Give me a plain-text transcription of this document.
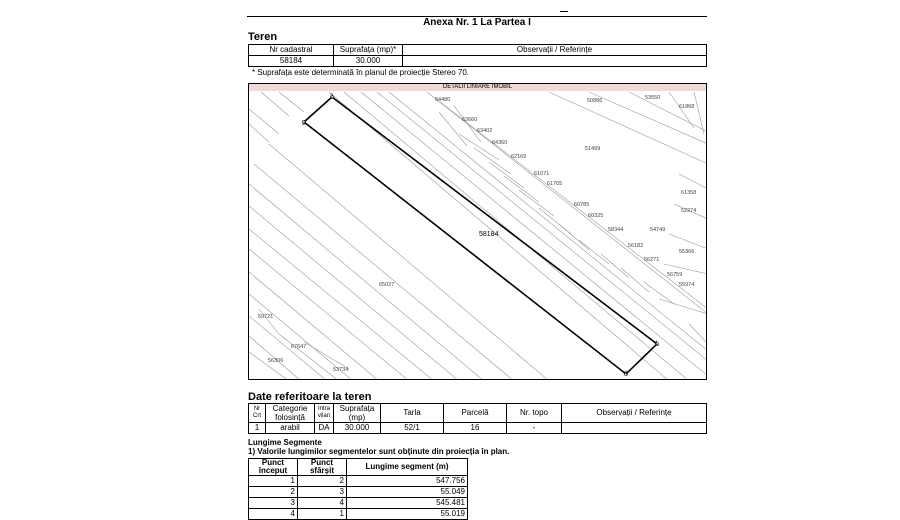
Anexa Nr. 1 La Partea I
Teren
Nr cadastral	Suprafața (mp)*	Observații / Referințe
58184	30.000	
* Suprafața este determinată în planul de proiecție Stereo 70.
DETALII LINIARE IMOBIL
1
2
3
4
58184
64480
63660
63402
64360
62169
61071
61705
60785
60325
58344	54749
56182
56271
56759
55974
55366
52274
61358
61868
53550
50886
51499
65027
59721
67647
56306
53734
Date referitoare la teren
Nr Crt	Categorie folosință	Intra vilan	Suprafața (mp)	Tarla	Parcelă	Nr. topo	Observații / Referințe
1	arabil	DA	30.000	52/1	16	-	
Lungime Segmente
1) Valorile lungimilor segmentelor sunt obținute din proiecția în plan.
Punct început	Punct sfârșit	Lungime segment (m)
1	2	547.756
2	3	55.049
3	4	545.481
4	1	55.019
